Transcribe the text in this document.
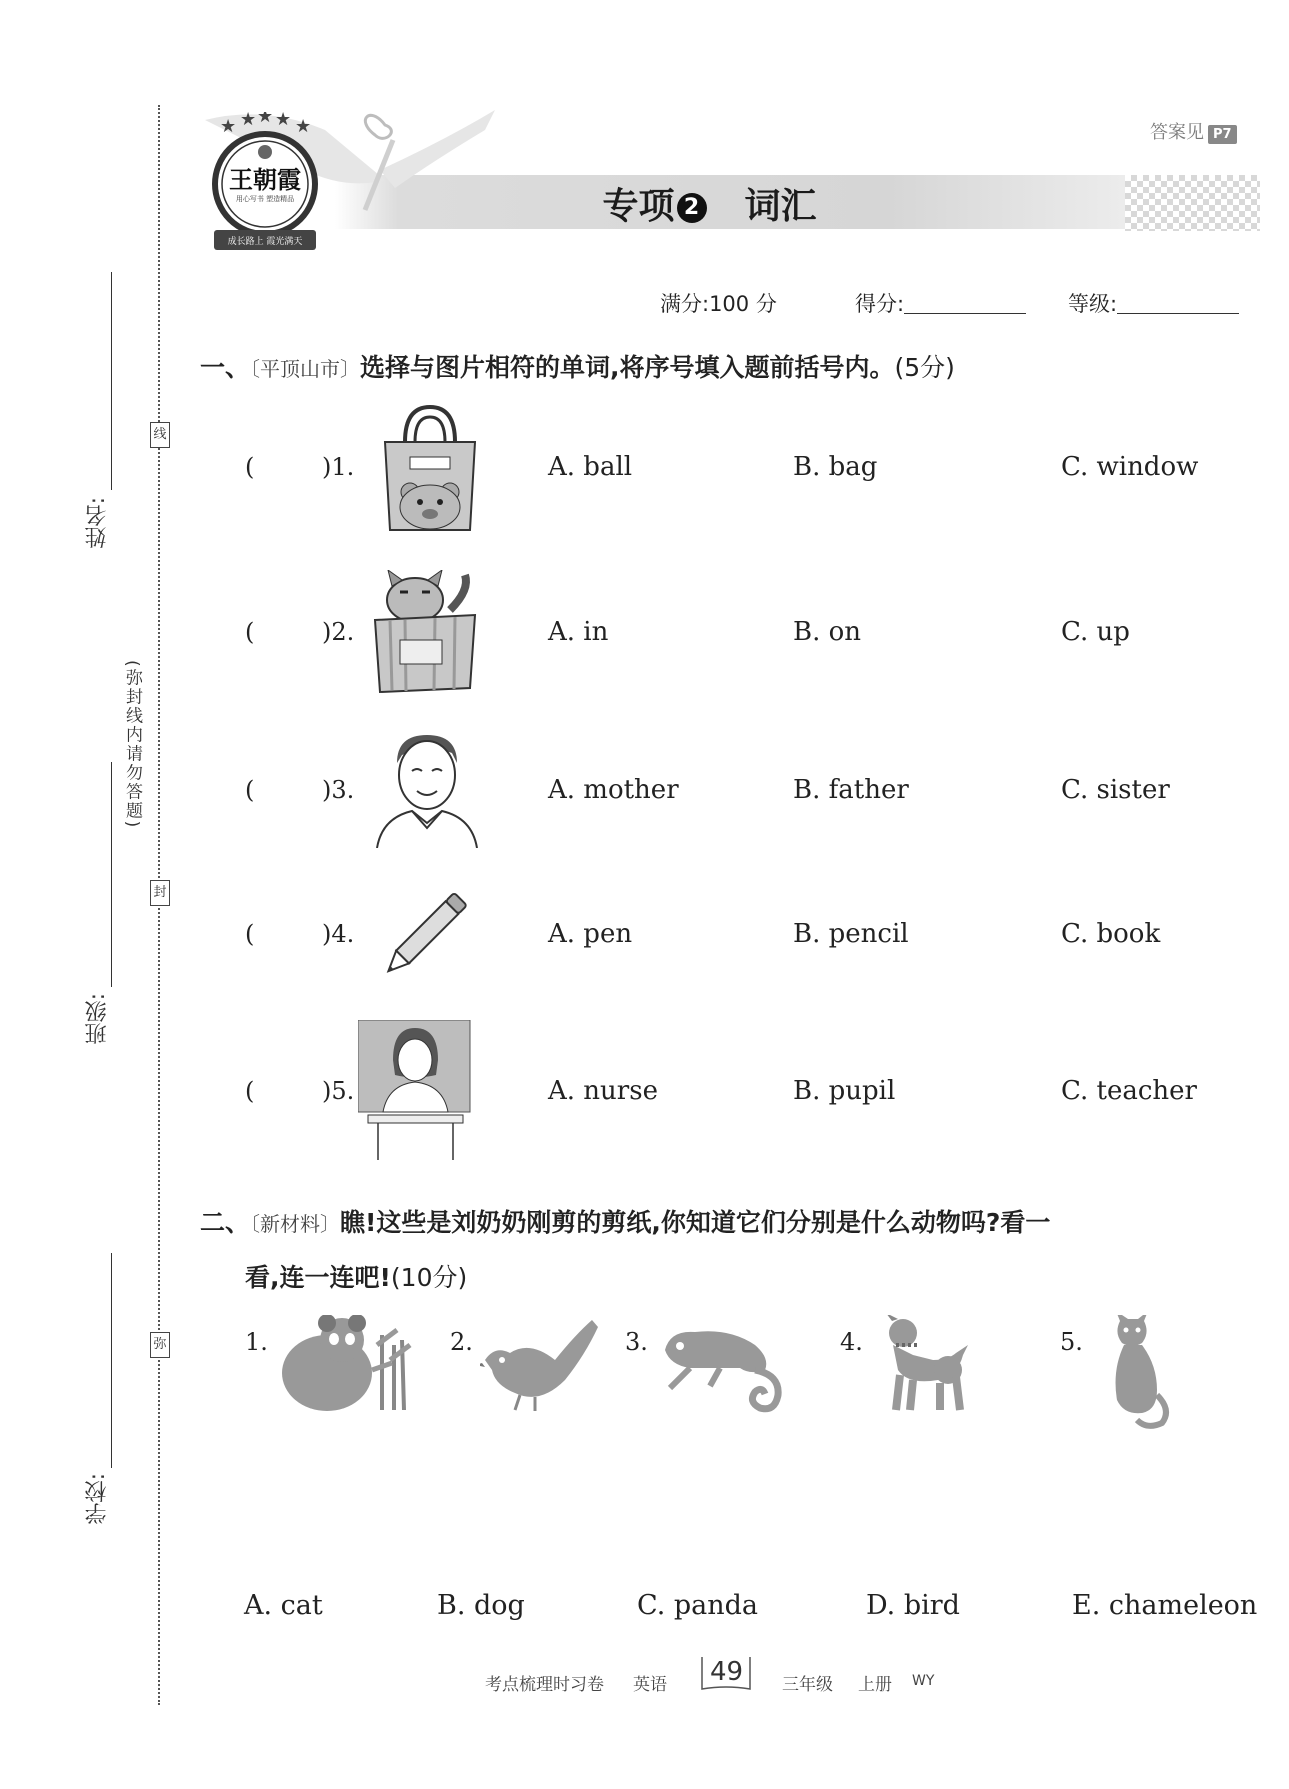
线
封
弥
(弥封线内请勿答题)
姓名:
班级:
学校:
答案见 P7
★ ★ ★ ★ ★
王朝霞
用心写书 塑造精品
成长路上 霞光满天
专项 2 词汇
满分:100 分	得分:	等级:
一、〔平顶山市〕选择与图片相符的单词,将序号填入题前括号内。(5分)
(	)1.	A. ball	B. bag	C. window
(	)2.	A. in	B. on	C. up
(	)3.	A. mother	B. father	C. sister
(	)4.	A. pen	B. pencil	C. book
(	)5.	A. nurse	B. pupil	C. teacher
二、〔新材料〕瞧!这些是刘奶奶刚剪的剪纸,你知道它们分别是什么动物吗?看一
看,连一连吧!(10分)
1.	2.	3.	4.	5.
A. cat	B. dog	C. panda	D. bird	E. chameleon
考点梳理时习卷 英语 49 三年级 上册 WY
